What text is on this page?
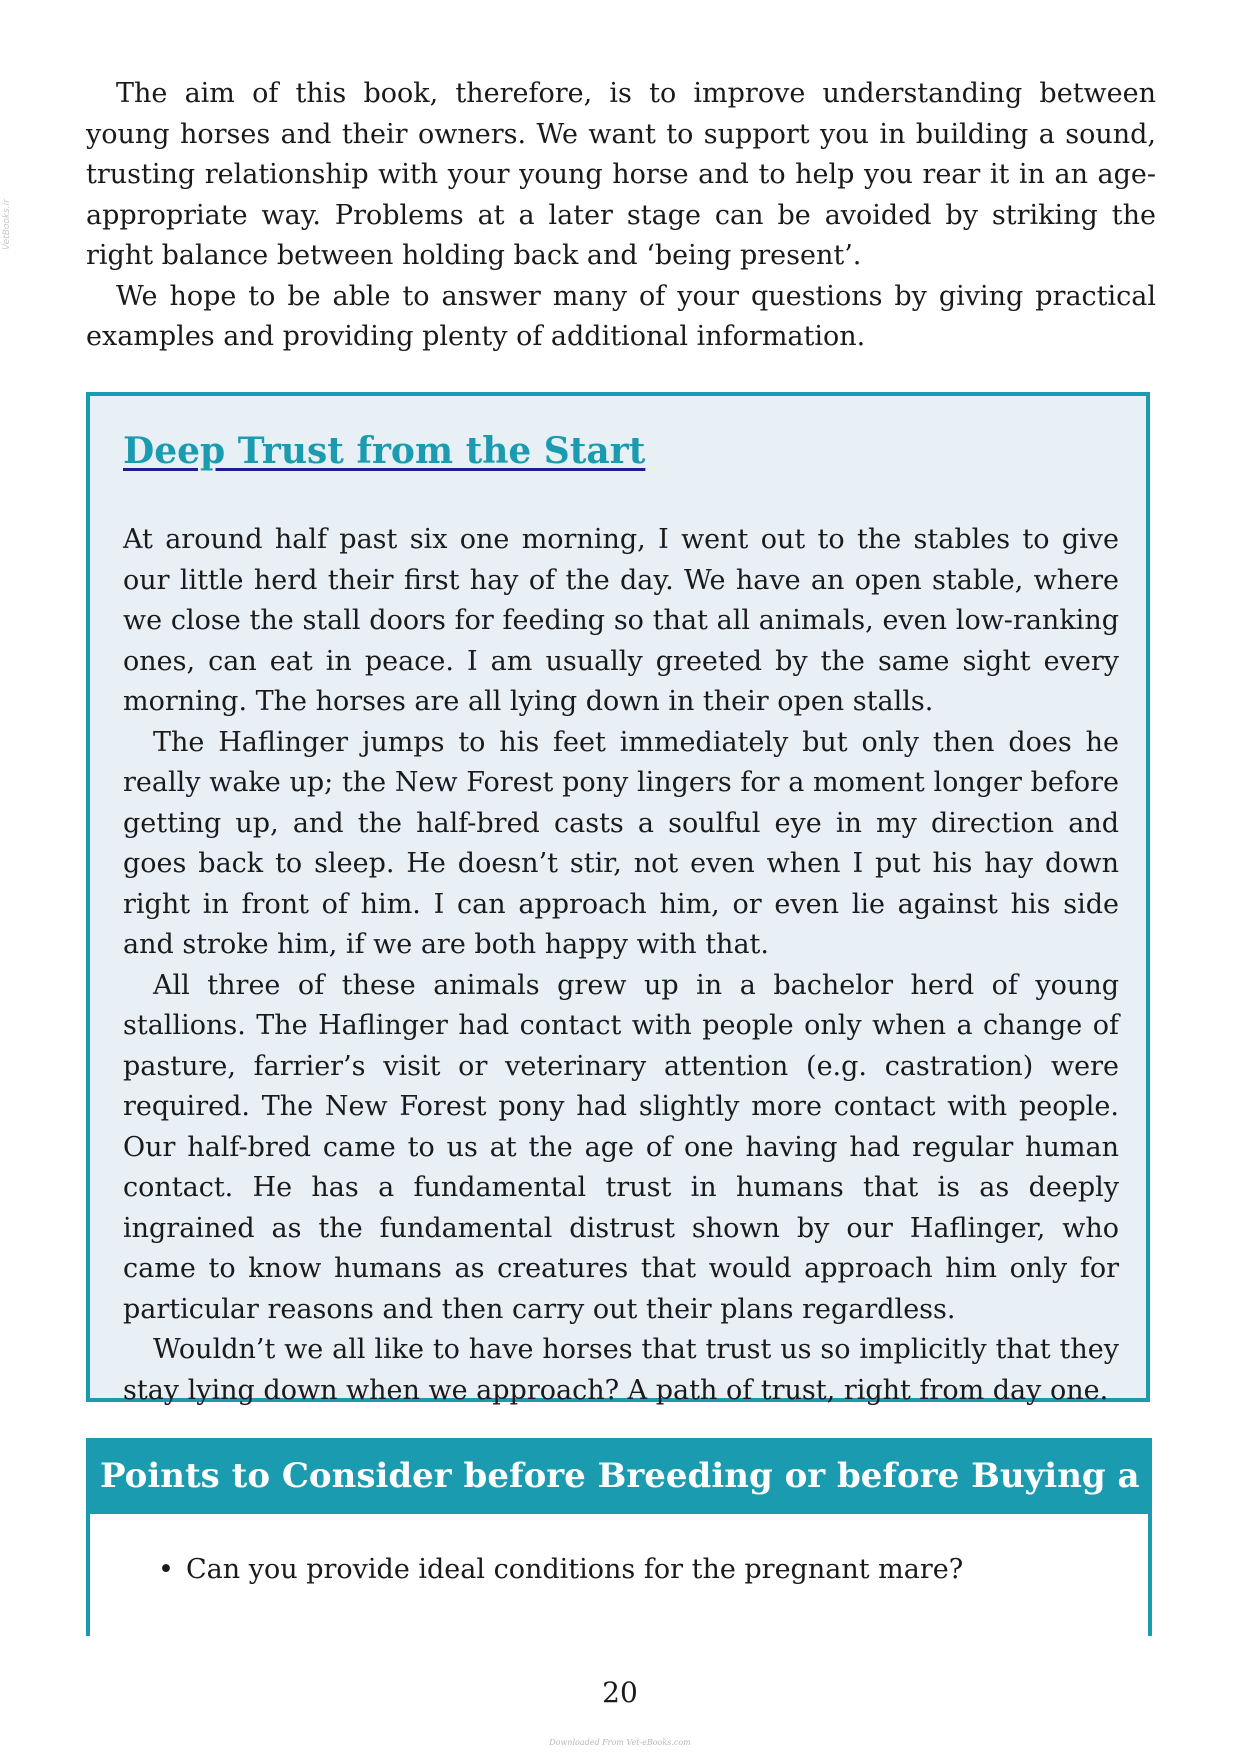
VetBooks.ir

The aim of this book, therefore, is to improve understanding between young horses and their owners. We want to support you in building a sound, trusting relationship with your young horse and to help you rear it in an age-appropriate way. Problems at a later stage can be avoided by striking the right balance between holding back and ‘being present’.

We hope to be able to answer many of your questions by giving practical examples and providing plenty of additional information.

Deep Trust from the Start

At around half past six one morning, I went out to the stables to give our little herd their first hay of the day. We have an open stable, where we close the stall doors for feeding so that all animals, even low-ranking ones, can eat in peace. I am usually greeted by the same sight every morning. The horses are all lying down in their open stalls.

The Haflinger jumps to his feet immediately but only then does he really wake up; the New Forest pony lingers for a moment longer before getting up, and the half-bred casts a soulful eye in my direction and goes back to sleep. He doesn’t stir, not even when I put his hay down right in front of him. I can approach him, or even lie against his side and stroke him, if we are both happy with that.

All three of these animals grew up in a bachelor herd of young stallions. The Haflinger had contact with people only when a change of pasture, farrier’s visit or veterinary attention (e.g. castration) were required. The New Forest pony had slightly more contact with people. Our half-bred came to us at the age of one having had regular human contact. He has a fundamental trust in humans that is as deeply ingrained as the fundamental distrust shown by our Haflinger, who came to know humans as creatures that would approach him only for particular reasons and then carry out their plans regardless.

Wouldn’t we all like to have horses that trust us so implicitly that they stay lying down when we approach? A path of trust, right from day one.

Points to Consider before Breeding or before Buying a Foal
• Can you provide ideal conditions for the pregnant mare?
20
Downloaded From Vet-eBooks.com
